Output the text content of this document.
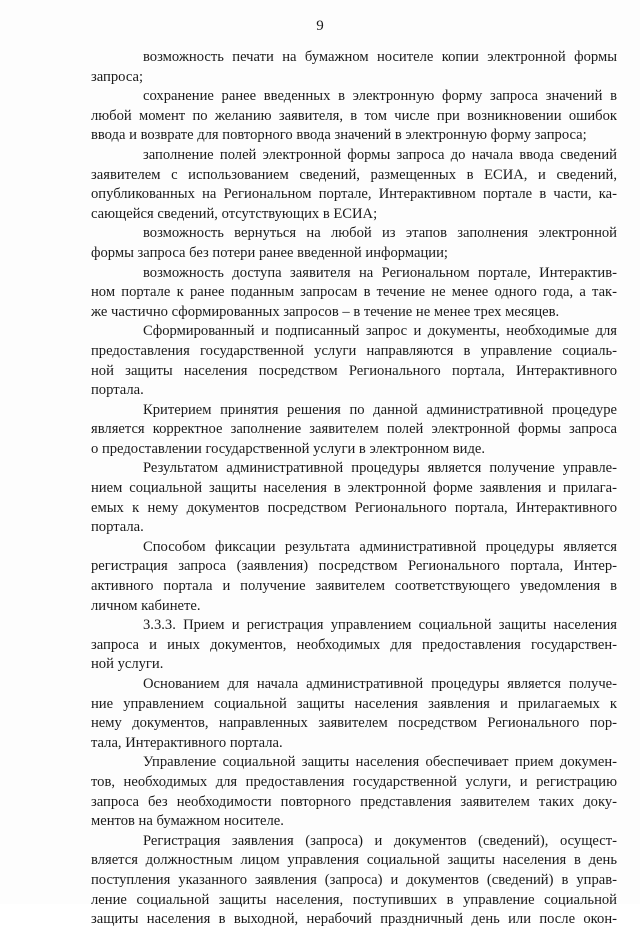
9
возможность печати на бумажном носителе копии электронной формы
запроса;
сохранение ранее введенных в электронную форму запроса значений в
любой момент по желанию заявителя, в том числе при возникновении ошибок
ввода и возврате для повторного ввода значений в электронную форму запроса;
заполнение полей электронной формы запроса до начала ввода сведений
заявителем с использованием сведений, размещенных в ЕСИА, и сведений,
опубликованных на Региональном портале, Интерактивном портале в части, ка-
сающейся сведений, отсутствующих в ЕСИА;
возможность вернуться на любой из этапов заполнения электронной
формы запроса без потери ранее введенной информации;
возможность доступа заявителя на Региональном портале, Интерактив-
ном портале к ранее поданным запросам в течение не менее одного года, а так-
же частично сформированных запросов – в течение не менее трех месяцев.
Сформированный и подписанный запрос и документы, необходимые для
предоставления государственной услуги направляются в управление социаль-
ной защиты населения посредством Регионального портала, Интерактивного
портала.
Критерием принятия решения по данной административной процедуре
является корректное заполнение заявителем полей электронной формы запроса
о предоставлении государственной услуги в электронном виде.
Результатом административной процедуры является получение управле-
нием социальной защиты населения в электронной форме заявления и прилага-
емых к нему документов посредством Регионального портала, Интерактивного
портала.
Способом фиксации результата административной процедуры является
регистрация запроса (заявления) посредством Регионального портала, Интер-
активного портала и получение заявителем соответствующего уведомления в
личном кабинете.
3.3.3. Прием и регистрация управлением социальной защиты населения
запроса и иных документов, необходимых для предоставления государствен-
ной услуги.
Основанием для начала административной процедуры является получе-
ние управлением социальной защиты населения заявления и прилагаемых к
нему документов, направленных заявителем посредством Регионального пор-
тала, Интерактивного портала.
Управление социальной защиты населения обеспечивает прием докумен-
тов, необходимых для предоставления государственной услуги, и регистрацию
запроса без необходимости повторного представления заявителем таких доку-
ментов на бумажном носителе.
Регистрация заявления (запроса) и документов (сведений), осущест-
вляется должностным лицом управления социальной защиты населения в день
поступления указанного заявления (запроса) и документов (сведений) в управ-
ление социальной защиты населения, поступивших в управление социальной
защиты населения в выходной, нерабочий праздничный день или после окон-
